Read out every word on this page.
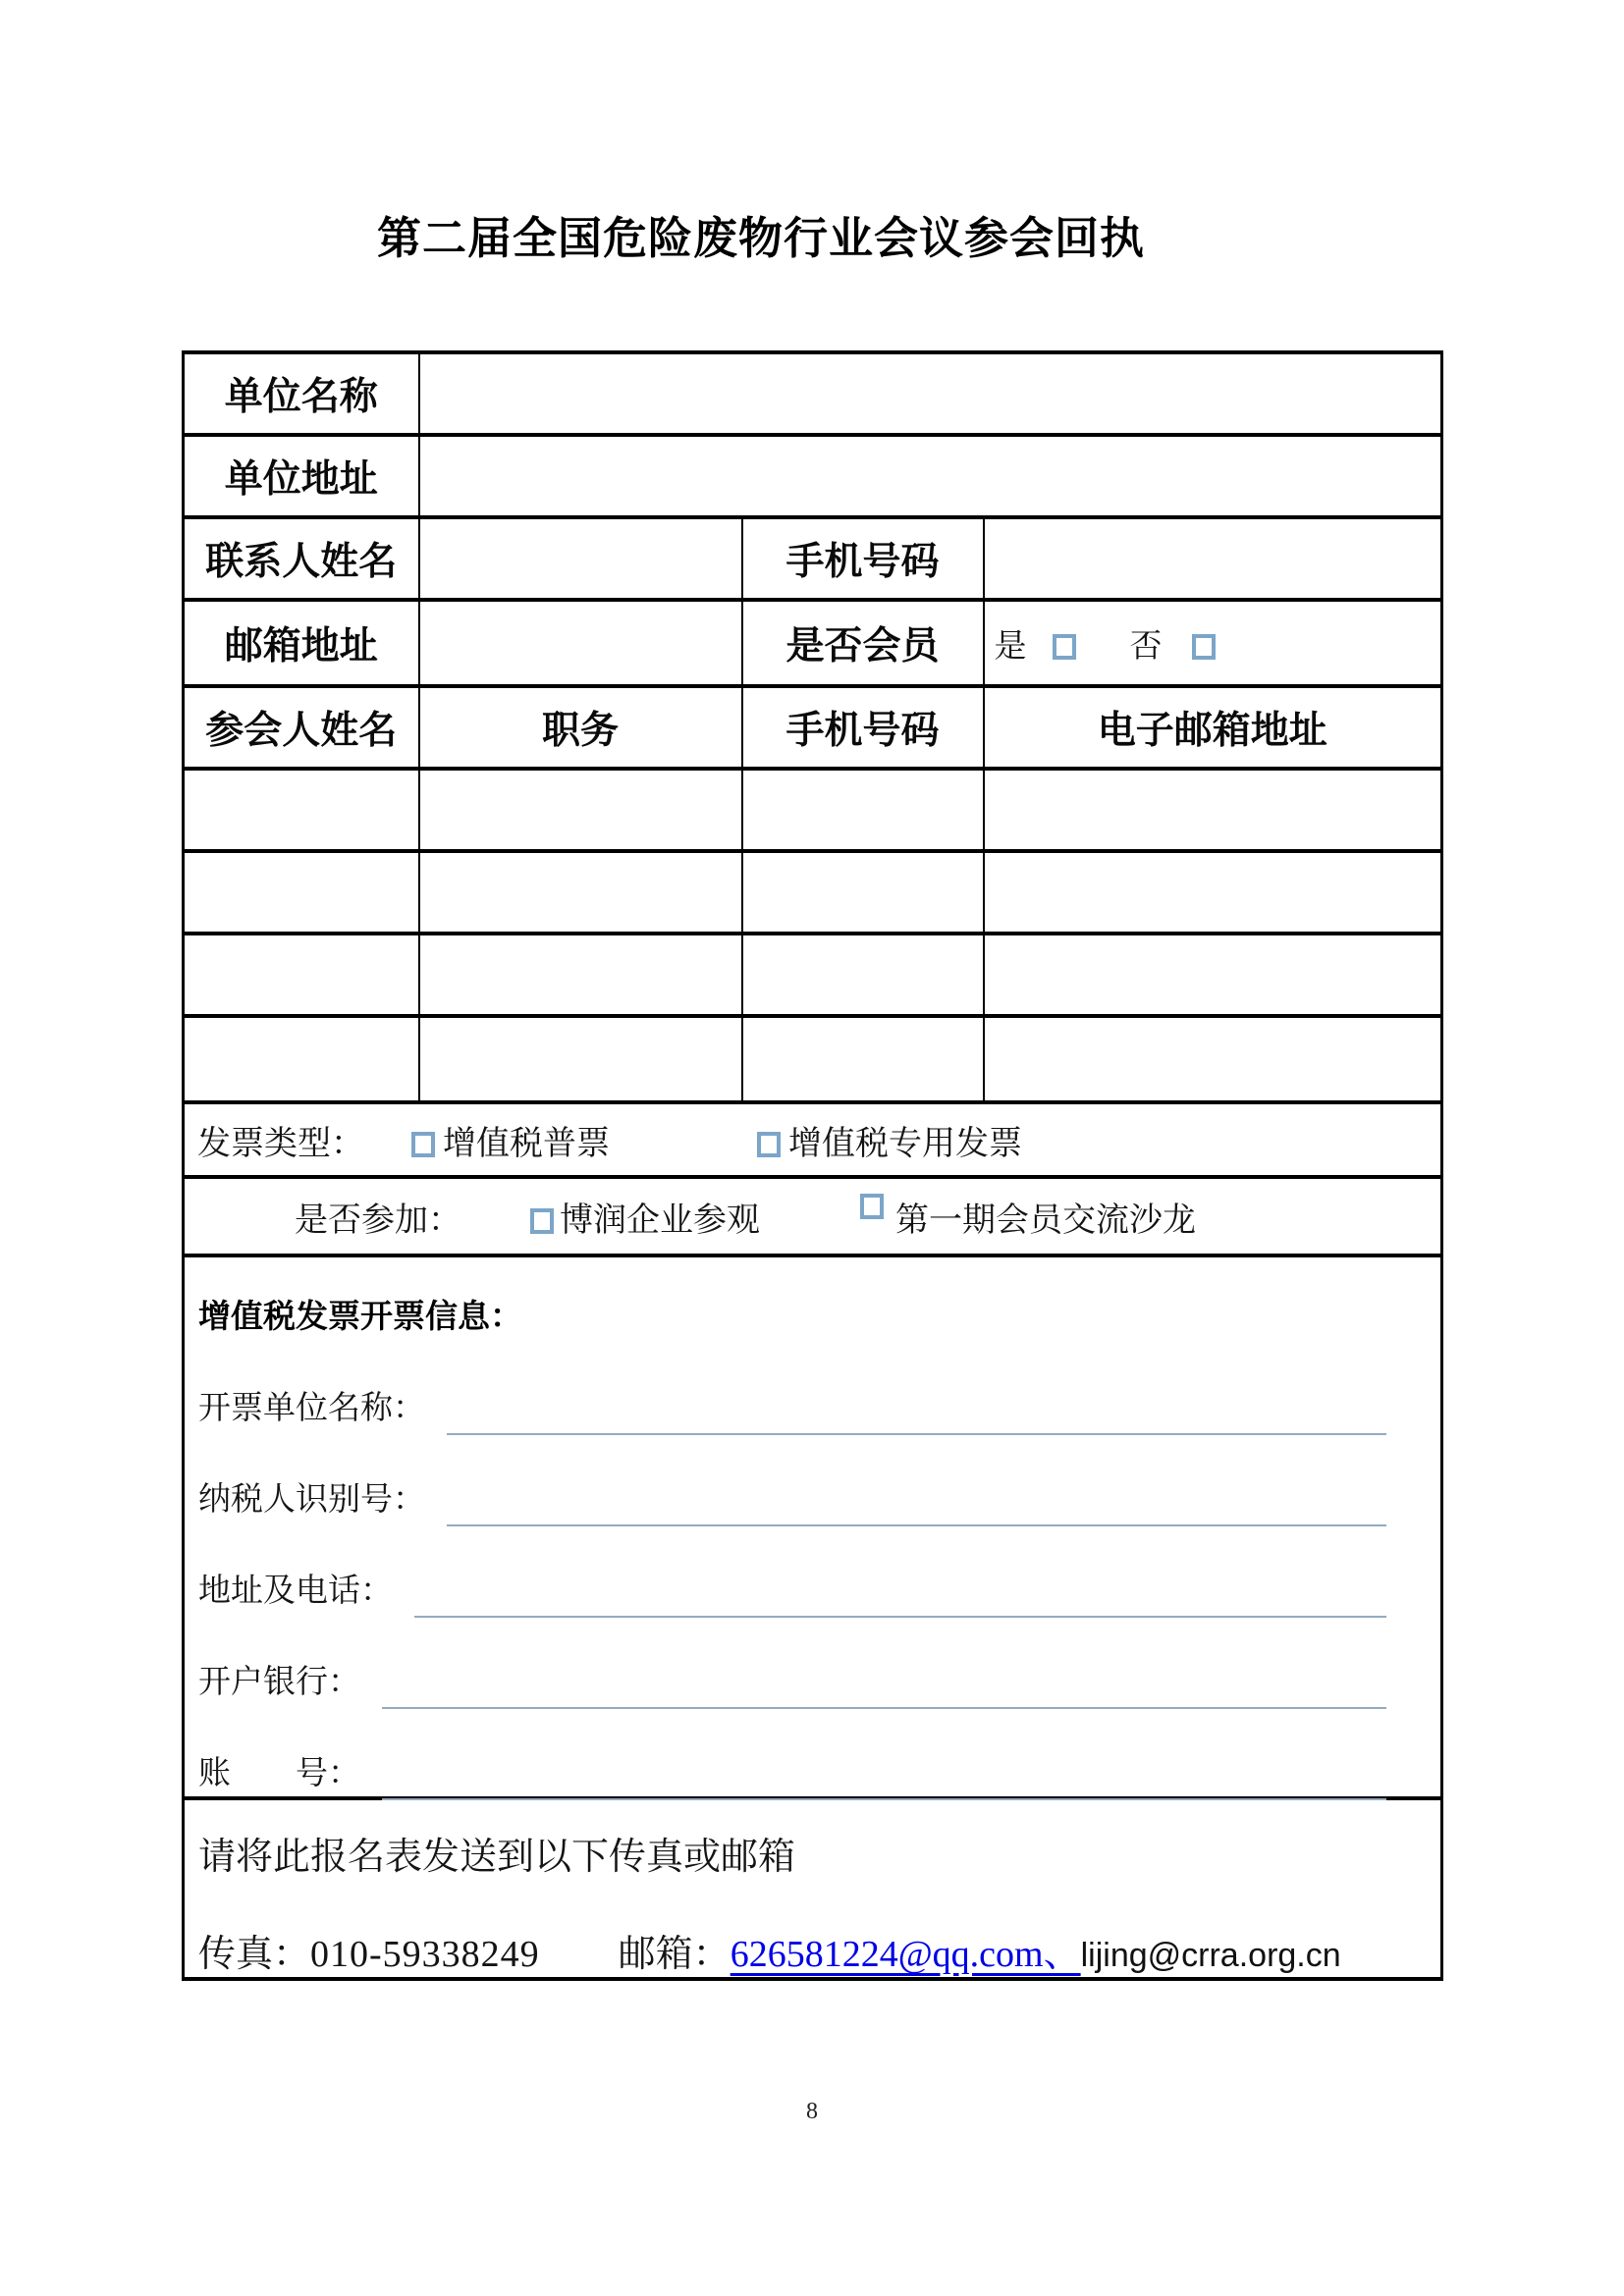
第二届全国危险废物行业会议参会回执
单位名称			
单位地址			
联系人姓名		手机号码	
邮箱地址		是否会员	是 否
参会人姓名	职务	手机号码	电子邮箱地址

发票类型： 增值税普票 增值税专用发票			
是否参加： 博润企业参观 第一期会员交流沙龙			

增值税发票开票信息：
开票单位名称：
纳税人识别号：
地址及电话：
开户银行：
账　　号：

请将此报名表发送到以下传真或邮箱
传真：010-59338249 邮箱：626581224@qq.com、lijing@crra.org.cn			
8
